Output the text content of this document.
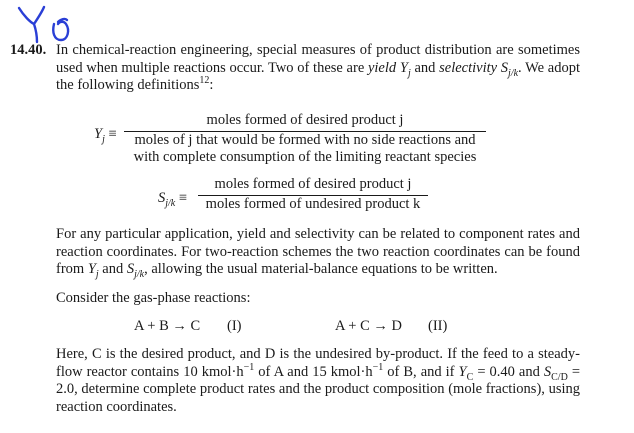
14.40. In chemical-reaction engineering, special measures of product distribution are sometimes used when multiple reactions occur. Two of these are yield $Y_j$ and selectivity $S_{j/k}$. We adopt the following definitions$^{12}$:
$Y_j$ ≡
moles formed of desired product j
moles of j that would be formed with no side reactions and
with complete consumption of the limiting reactant species
$S_{j/k}$ ≡
moles formed of desired product j
moles formed of undesired product k
For any particular application, yield and selectivity can be related to component rates and reaction coordinates. For two-reaction schemes the two reaction coordinates can be found from $Y_j$ and $S_{j/k}$, allowing the usual material-balance equations to be written.
Consider the gas-phase reactions:
A + B → C (I)	A + C → D (II)
Here, C is the desired product, and D is the undesired by-product. If the feed to a steady-flow reactor contains 10 $kmol\cdot h^{-1}$ of A and 15 $kmol\cdot h^{-1}$ of B, and if $Y_C = 0.40$ and $S_{C/D} = 2.0$, determine complete product rates and the product composition (mole fractions), using reaction coordinates.
